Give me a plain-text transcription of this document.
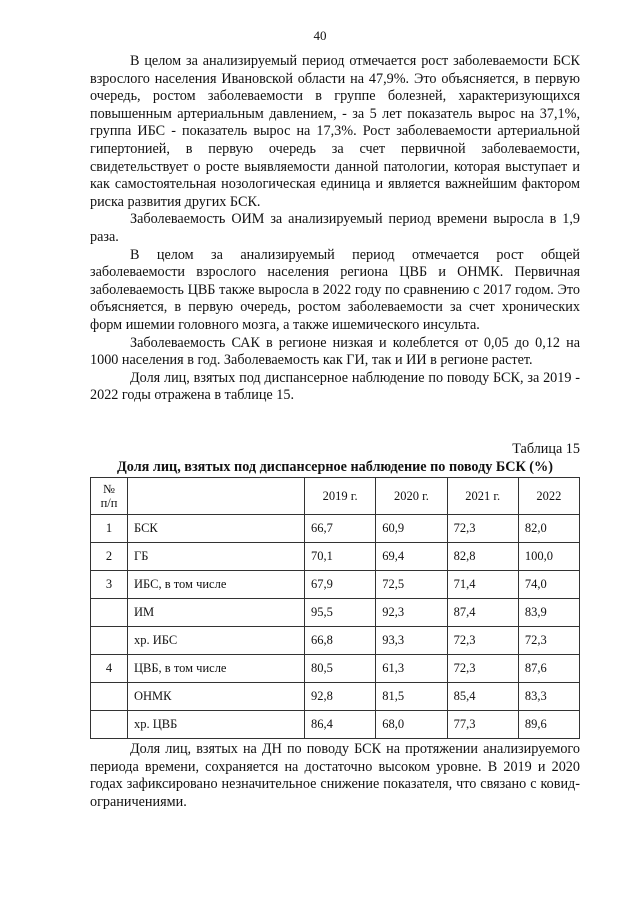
40

В целом за анализируемый период отмечается рост заболеваемости БСК взрослого населения Ивановской области на 47,9%. Это объясняется, в первую очередь, ростом заболеваемости в группе болезней, характеризующихся повышенным артериальным давлением, - за 5 лет показатель вырос на 37,1%, группа ИБС - показатель вырос на 17,3%. Рост заболеваемости артериальной гипертонией, в первую очередь за счет первичной заболеваемости, свидетельствует о росте выявляемости данной патологии, которая выступает и как самостоятельная нозологическая единица и является важнейшим фактором риска развития других БСК.

Заболеваемость ОИМ за анализируемый период времени выросла в 1,9 раза.

В целом за анализируемый период отмечается рост общей заболеваемости взрослого населения региона ЦВБ и ОНМК. Первичная заболеваемость ЦВБ также выросла в 2022 году по сравнению с 2017 годом. Это объясняется, в первую очередь, ростом заболеваемости за счет хронических форм ишемии головного мозга, а также ишемического инсульта.

Заболеваемость САК в регионе низкая и колеблется от 0,05 до 0,12 на 1000 населения в год. Заболеваемость как ГИ, так и ИИ в регионе растет.

Доля лиц, взятых под диспансерное наблюдение по поводу БСК, за 2019 - 2022 годы отражена в таблице 15.

Таблица 15
Доля лиц, взятых под диспансерное наблюдение по поводу БСК (%)
№
п/п		2019 г.	2020 г.	2021 г.	2022
1	БСК	66,7	60,9	72,3	82,0
2	ГБ	70,1	69,4	82,8	100,0
3	ИБС, в том числе	67,9	72,5	71,4	74,0
	ИМ	95,5	92,3	87,4	83,9
	хр. ИБС	66,8	93,3	72,3	72,3
4	ЦВБ, в том числе	80,5	61,3	72,3	87,6
	ОНМК	92,8	81,5	85,4	83,3
	хр. ЦВБ	86,4	68,0	77,3	89,6

Доля лиц, взятых на ДН по поводу БСК на протяжении анализируемого периода времени, сохраняется на достаточно высоком уровне. В 2019 и 2020 годах зафиксировано незначительное снижение показателя, что связано с ковид-ограничениями.
